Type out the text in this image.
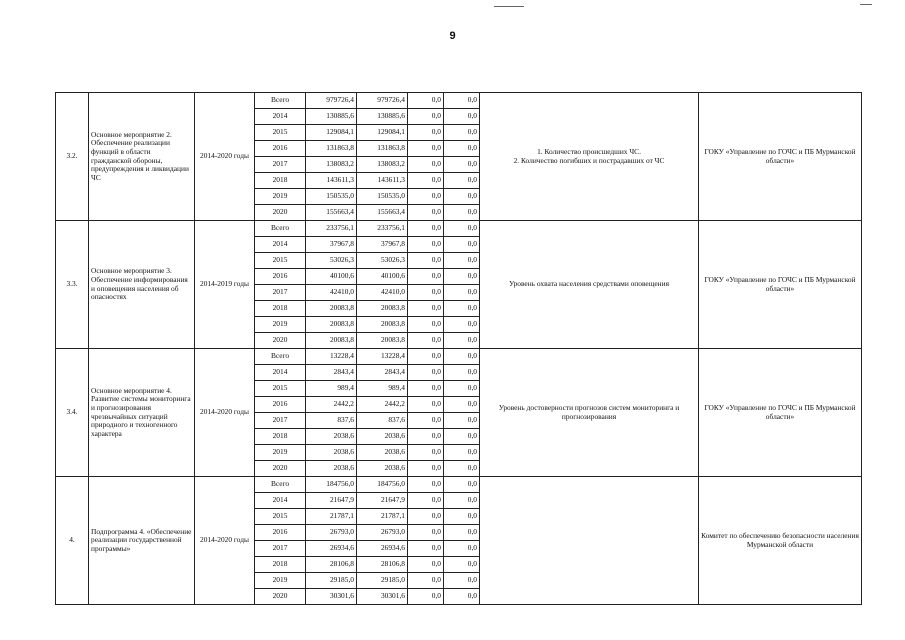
9
3.2.	Основное мероприятие 2. Обеспечение реализации функций в области гражданской обороны, предупреждения и ликвидации ЧС	2014-2020 годы	Всего	979726,4	979726,4	0,0	0,0	1. Количество происшедших ЧС.
2. Количество погибших и пострадавших от ЧС	ГОКУ «Управление по ГОЧС и ПБ Мурманской области»
			2014	130885,6	130885,6	0,0	0,0		
			2015	129084,1	129084,1	0,0	0,0		
			2016	131863,8	131863,8	0,0	0,0		
			2017	138083,2	138083,2	0,0	0,0		
			2018	143611,3	143611,3	0,0	0,0		
			2019	150535,0	150535,0	0,0	0,0		
			2020	155663,4	155663,4	0,0	0,0		
3.3.	Основное мероприятие 3. Обеспечение информирования и оповещения населения об опасностях	2014-2019 годы	Всего	233756,1	233756,1	0,0	0,0	Уровень охвата населения средствами оповещения	ГОКУ «Управление по ГОЧС и ПБ Мурманской области»
			2014	37967,8	37967,8	0,0	0,0		
			2015	53026,3	53026,3	0,0	0,0		
			2016	40100,6	40100,6	0,0	0,0		
			2017	42410,0	42410,0	0,0	0,0		
			2018	20083,8	20083,8	0,0	0,0		
			2019	20083,8	20083,8	0,0	0,0		
			2020	20083,8	20083,8	0,0	0,0		
3.4.	Основное мероприятие 4. Развитие системы мониторинга и прогнозирования чрезвычайных ситуаций природного и техногенного характера	2014-2020 годы	Всего	13228,4	13228,4	0,0	0,0	Уровень достоверности прогнозов систем мониторинга и прогнозирования	ГОКУ «Управление по ГОЧС и ПБ Мурманской области»
			2014	2843,4	2843,4	0,0	0,0		
			2015	989,4	989,4	0,0	0,0		
			2016	2442,2	2442,2	0,0	0,0		
			2017	837,6	837,6	0,0	0,0		
			2018	2038,6	2038,6	0,0	0,0		
			2019	2038,6	2038,6	0,0	0,0		
			2020	2038,6	2038,6	0,0	0,0		
4.	Подпрограмма 4. «Обеспечение реализации государственной программы»	2014-2020 годы	Всего	184756,0	184756,0	0,0	0,0		Комитет по обеспечению безопасности населения Мурманской области
			2014	21647,9	21647,9	0,0	0,0		
			2015	21787,1	21787,1	0,0	0,0		
			2016	26793,0	26793,0	0,0	0,0		
			2017	26934,6	26934,6	0,0	0,0		
			2018	28106,8	28106,8	0,0	0,0		
			2019	29185,0	29185,0	0,0	0,0		
			2020	30301,6	30301,6	0,0	0,0		
